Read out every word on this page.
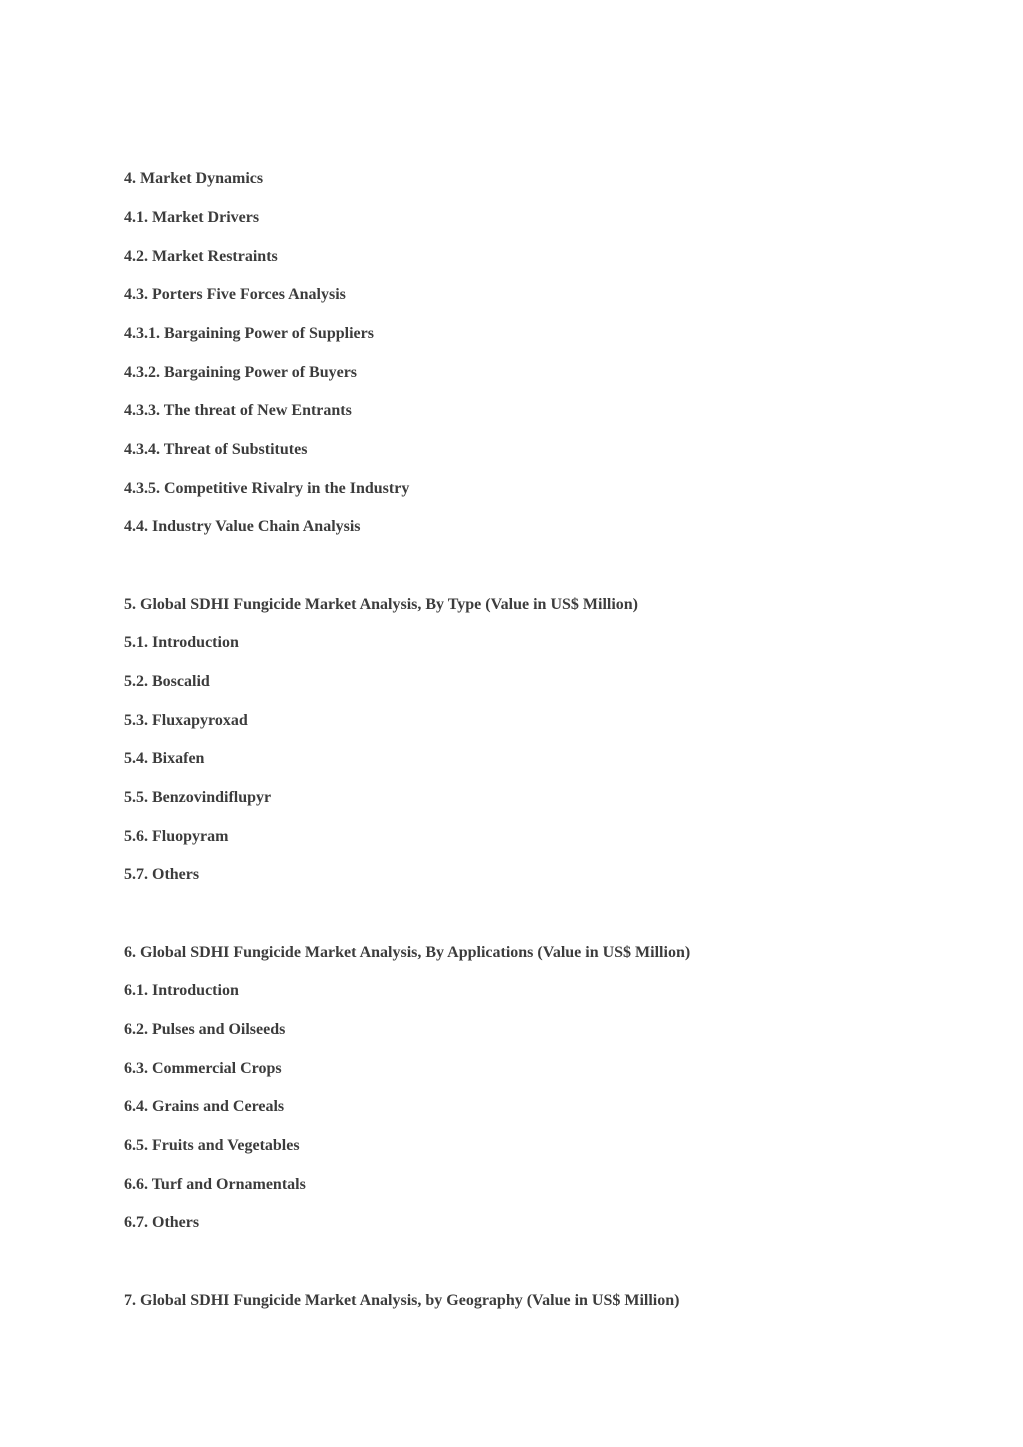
4. Market Dynamics

4.1. Market Drivers

4.2. Market Restraints

4.3. Porters Five Forces Analysis

4.3.1. Bargaining Power of Suppliers

4.3.2. Bargaining Power of Buyers

4.3.3. The threat of New Entrants

4.3.4. Threat of Substitutes

4.3.5. Competitive Rivalry in the Industry

4.4. Industry Value Chain Analysis

5. Global SDHI Fungicide Market Analysis, By Type (Value in US$ Million)

5.1. Introduction

5.2. Boscalid

5.3. Fluxapyroxad

5.4. Bixafen

5.5. Benzovindiflupyr

5.6. Fluopyram

5.7. Others

6. Global SDHI Fungicide Market Analysis, By Applications (Value in US$ Million)

6.1. Introduction

6.2. Pulses and Oilseeds

6.3. Commercial Crops

6.4. Grains and Cereals

6.5. Fruits and Vegetables

6.6. Turf and Ornamentals

6.7. Others

7. Global SDHI Fungicide Market Analysis, by Geography (Value in US$ Million)
